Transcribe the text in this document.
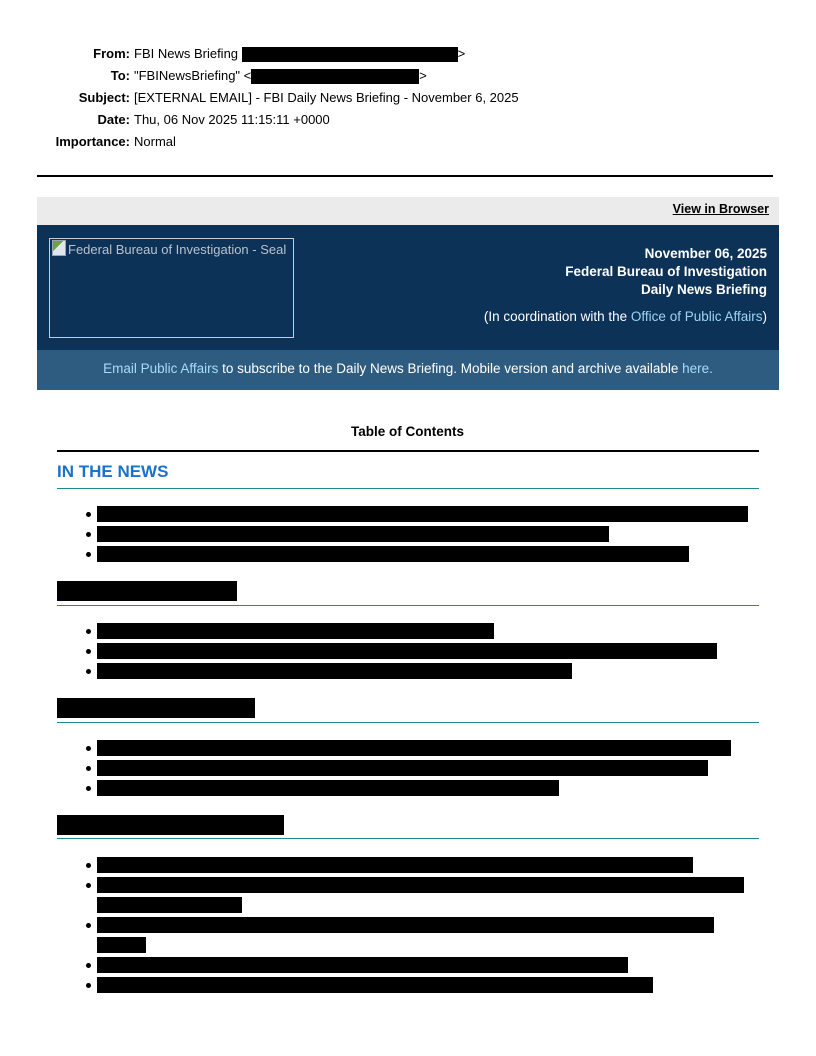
From: FBI News Briefing	>
To: "FBINewsBriefing" <	>
Subject: [EXTERNAL EMAIL] - FBI Daily News Briefing - November 6, 2025
Date: Thu, 06 Nov 2025 11:15:11 +0000
Importance: Normal
View in Browser
Federal Bureau of Investigation - Seal	November 06, 2025
Federal Bureau of Investigation
Daily News Briefing
(In coordination with the Office of Public Affairs)
Email Public Affairs to subscribe to the Daily News Briefing. Mobile version and archive available here.
Table of Contents
IN THE NEWS
